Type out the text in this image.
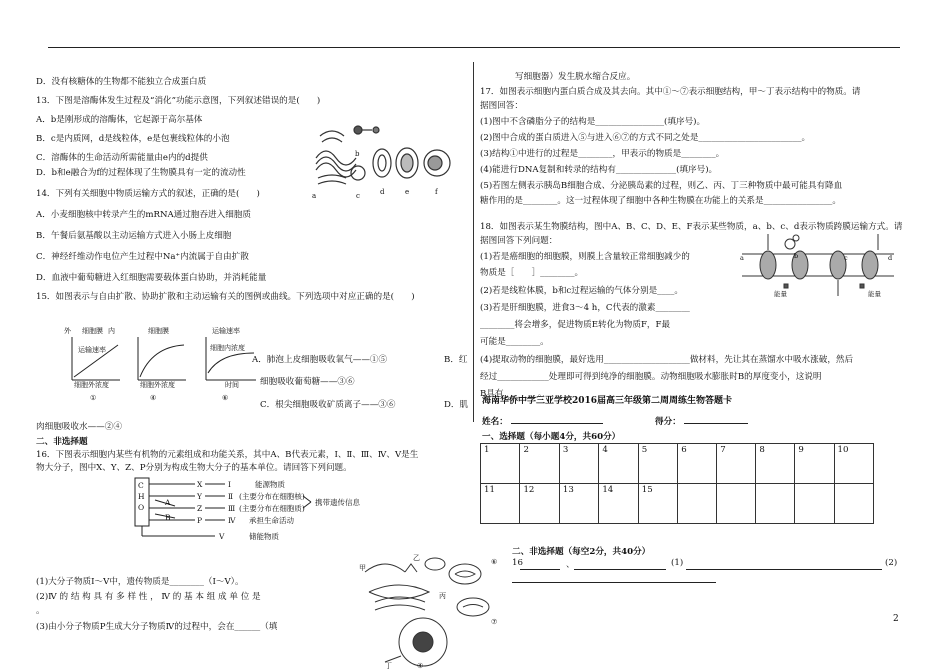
D．没有核糖体的生物都不能独立合成蛋白质

13．下图是溶酶体发生过程及“消化”功能示意图，下列叙述错误的是(　　)

A．b是刚形成的溶酶体，它起源于高尔基体

B．c是内质网，d是线粒体，e是包裹线粒体的小泡

C．溶酶体的生命活动所需能量由e内的d提供

D．b和e融合为f的过程体现了生物膜具有一定的流动性

14．下列有关细胞中物质运输方式的叙述，正确的是(　　)

A．小麦细胞核中转录产生的mRNA通过胞吞进入细胞质

B．午餐后氨基酸以主动运输方式进入小肠上皮细胞

C．神经纤维动作电位产生过程中Na⁺内流属于自由扩散

D．血液中葡萄糖进入红细胞需要载体蛋白协助，并消耗能量

15．如图表示与自由扩散、协助扩散和主动运输有关的图例或曲线。下列选项中对应正确的是(　　)

a
b
c	d	e	f
外 细胞膜 内
运输速率
细胞外浓度
细胞膜
细胞外浓度
运输速率
时间
细胞内浓度
①	④	⑥
A．肺泡上皮细胞吸收氧气——①⑤	B．红
细胞吸收葡萄糖——③⑥
C．根尖细胞吸收矿质离子——③⑥	D．肌
肉细胞吸收水——②④
二、非选择题
16．下图表示细胞内某些有机物的元素组成和功能关系，其中A、B代表元素，Ⅰ、Ⅱ、Ⅲ、Ⅳ、Ⅴ是生
物大分子，图中X、Y、Z、P分别为构成生物大分子的基本单位。请回答下列问题。
C
H
O
A
B
X
Y
Z
P
Ⅰ
Ⅱ
Ⅲ
Ⅳ
Ⅴ
能源物质
(主要分布在细胞核)
(主要分布在细胞质)
承担生命活动
储能物质
携带遗传信息
(1)大分子物质Ⅰ～Ⅴ中，遗传物质是________（Ⅰ～Ⅴ）。
(2)Ⅳ 的 结 构 具 有 多 样 性 ， Ⅳ 的 基 本 组 成 单 位 是
。
(3)由小分子物质P生成大分子物质Ⅳ的过程中，会在______（填
甲
乙
丙
丁	④
⑥
⑦
写细胞器）发生脱水缩合反应。

17．如图表示细胞内蛋白质合成及其去向。其中①～⑦表示细胞结构，甲～丁表示结构中的物质。请

据图回答：

(1)图中不含磷脂分子的结构是________________(填序号)。

(2)图中合成的蛋白质进入⑤与进入⑥⑦的方式不同之处是________________________。

(3)结构①中进行的过程是________，甲表示的物质是________。

(4)能进行DNA复制和转录的结构有______________(填序号)。

(5)若图左侧表示胰岛B细胞合成、分泌胰岛素的过程，则乙、丙、丁三种物质中最可能具有降血

糖作用的是________。这一过程体现了细胞中各种生物膜在功能上的关系是________________。

18．如图表示某生物膜结构，图中A、B、C、D、E、F表示某些物质，a、b、c、d表示物质跨膜运输方式。请

据图回答下列问题：

(1)若是癌细胞的细胞膜，则膜上含量较正常细胞减少的

物质是［　　］________。

(2)若是线粒体膜，b和c过程运输的气体分别是____。

(3)若是肝细胞膜，进食3～4 h，C代表的激素________

________将会增多，促进物质E转化为物质F，F最

可能是________。

(4)提取动物的细胞膜，最好选用____________________做材料，先让其在蒸馏水中吸水涨破，然后

经过____________处理即可得到纯净的细胞膜。动物细胞吸水膨胀时B的厚度变小，这说明

B具有________。

a	b	c	d
能量	能量
海南华侨中学三亚学校2016届高三年级第二周周练生物答题卡
姓名：	得分：
一、选择题（每小题4分，共60分）
1	2	3	4	5	6	7	8	9	10
11	12	13	14	15					
二、非选择题（每空2分，共40分）
16	、	(1)	(2)
2
